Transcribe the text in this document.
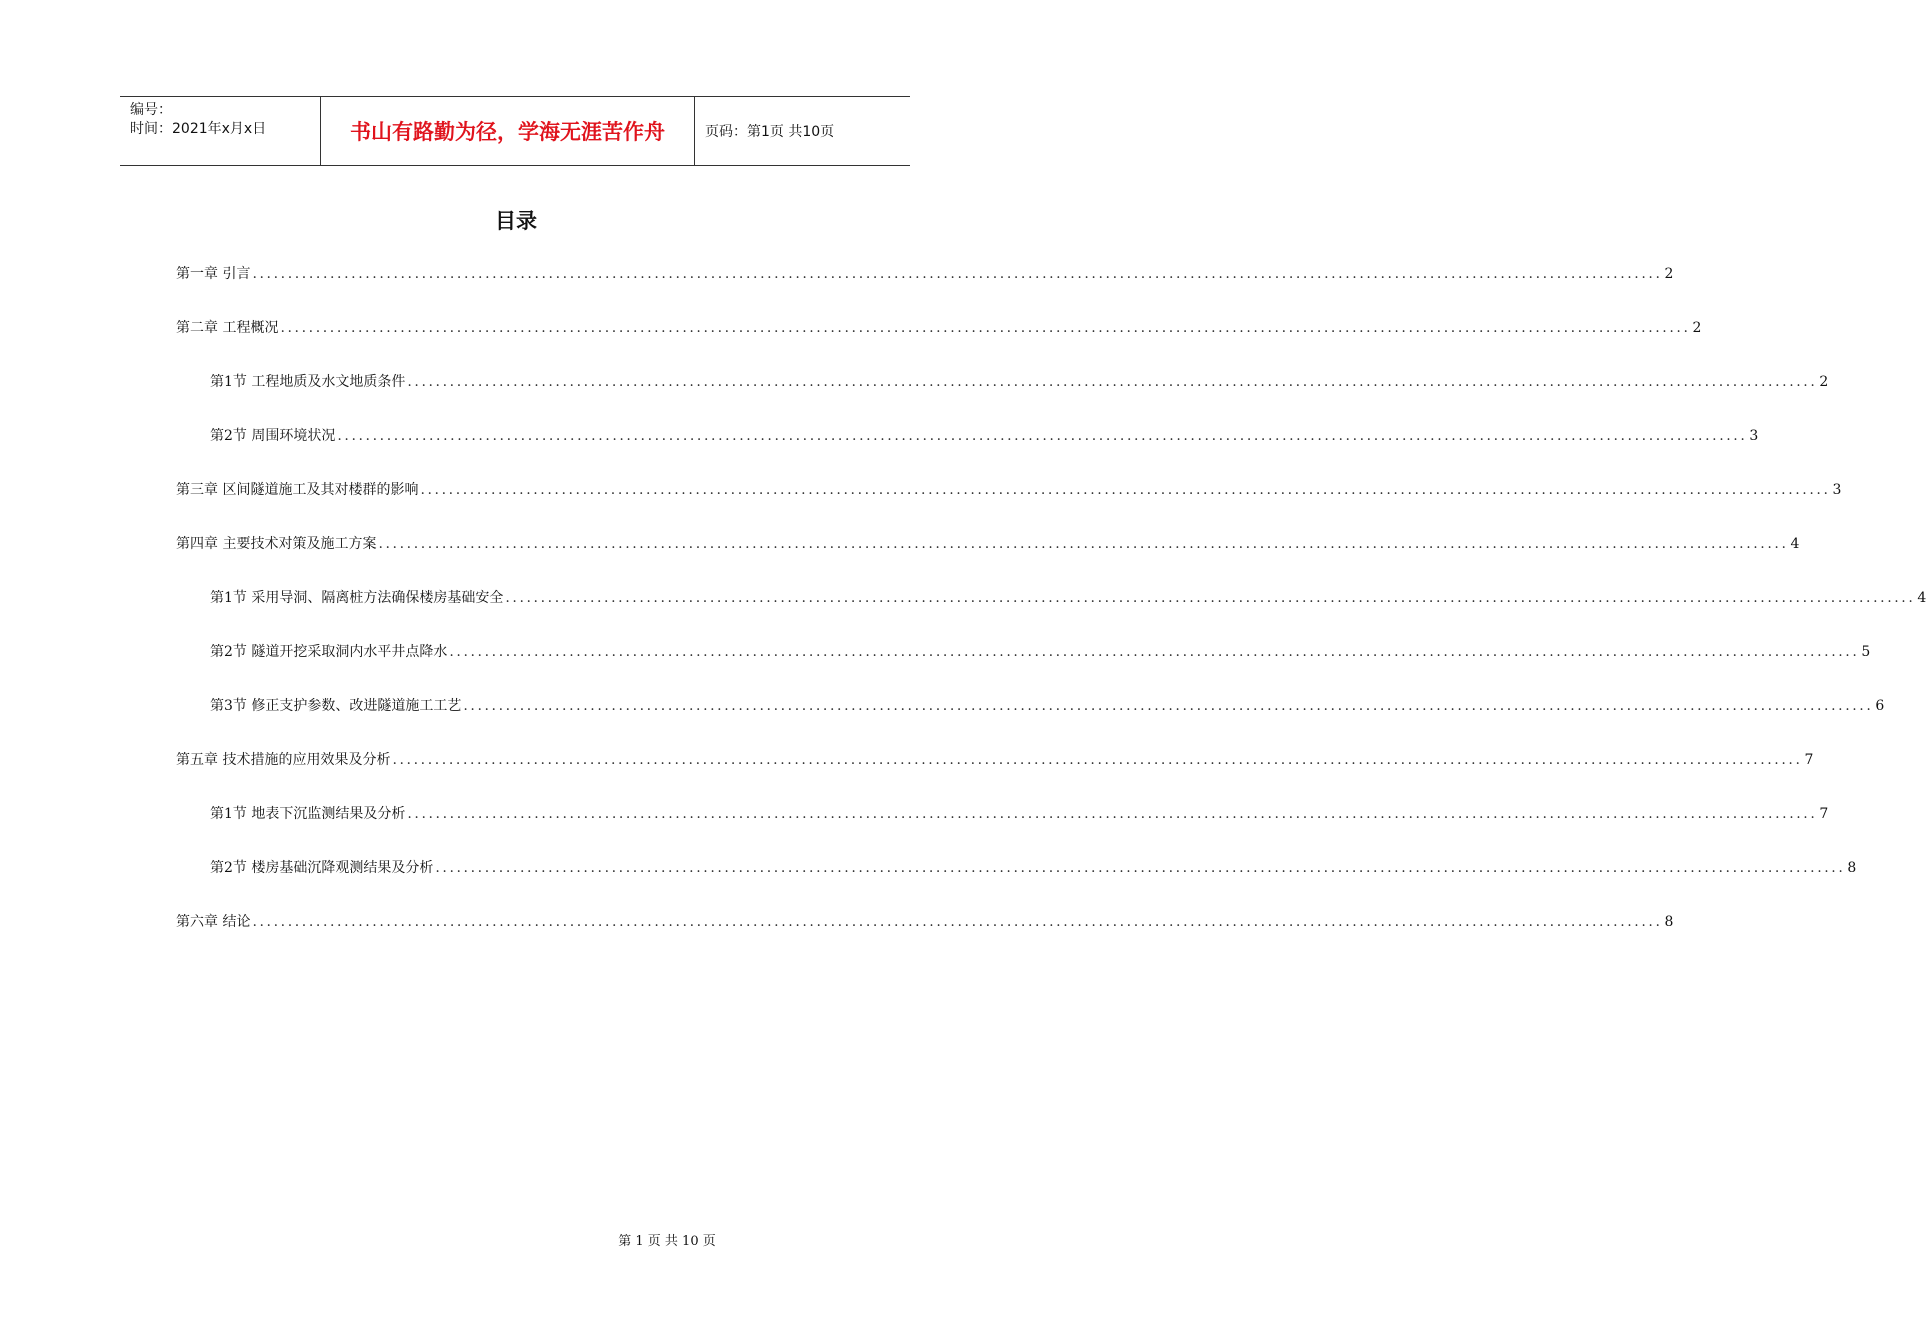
编号：
时间：2021年x月x日	书山有路勤为径，学海无涯苦作舟	页码：第1页 共10页
目录
第一章 引言 ........................................................................................................................................................................................................ 2
第二章 工程概况 ........................................................................................................................................................................................................ 2
第1节 工程地质及水文地质条件 ........................................................................................................................................................................................................ 2
第2节 周围环境状况 ........................................................................................................................................................................................................ 3
第三章 区间隧道施工及其对楼群的影响 ........................................................................................................................................................................................................ 3
第四章 主要技术对策及施工方案 ........................................................................................................................................................................................................ 4
第1节 采用导洞、隔离桩方法确保楼房基础安全 ........................................................................................................................................................................................................ 4
第2节 隧道开挖采取洞内水平井点降水 ........................................................................................................................................................................................................ 5
第3节 修正支护参数、改进隧道施工工艺 ........................................................................................................................................................................................................ 6
第五章 技术措施的应用效果及分析 ........................................................................................................................................................................................................ 7
第1节 地表下沉监测结果及分析 ........................................................................................................................................................................................................ 7
第2节 楼房基础沉降观测结果及分析 ........................................................................................................................................................................................................ 8
第六章 结论 ........................................................................................................................................................................................................ 8
第 1 页 共 10 页
